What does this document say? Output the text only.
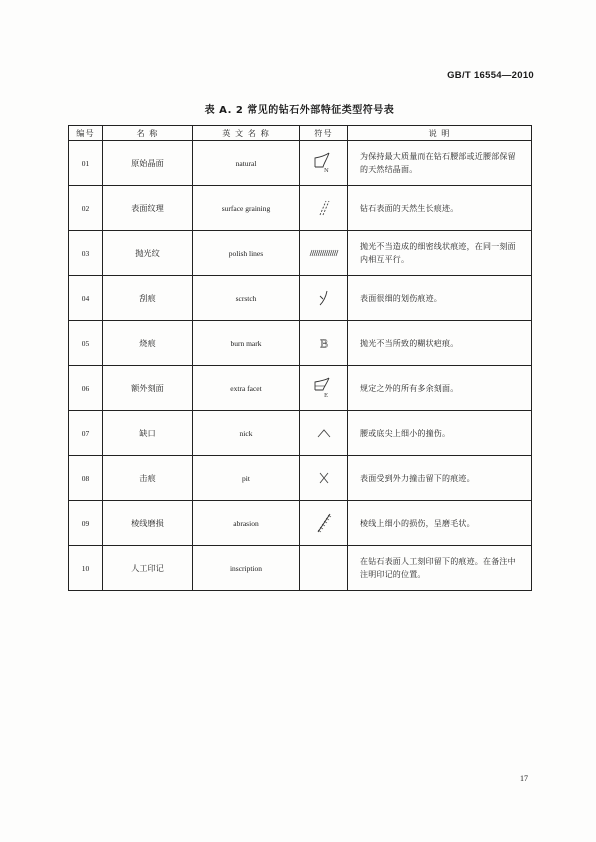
GB/T 16554—2010
表 A. 2 常见的钻石外部特征类型符号表
编号	名 称	英 文 名 称	符号	说 明
01	原始晶面	natural	N	为保持最大质量而在钻石腰部或近腰部保留的天然结晶面。
02	表面纹理	surface graining		钻石表面的天然生长痕迹。
03	抛光纹	polish lines		抛光不当造成的细密线状痕迹，在同一刻面内相互平行。
04	刮痕	scrstch		表面很细的划伤痕迹。
05	烧痕	burn mark	B	抛光不当所致的糊状疤痕。
06	额外刻面	extra facet	E	规定之外的所有多余刻面。
07	缺口	nick		腰或底尖上细小的撞伤。
08	击痕	pit		表面受到外力撞击留下的痕迹。
09	棱线磨损	abrasion		棱线上细小的损伤，呈磨毛状。
10	人工印记	inscription		在钻石表面人工刻印留下的痕迹。在备注中注明印记的位置。
17
